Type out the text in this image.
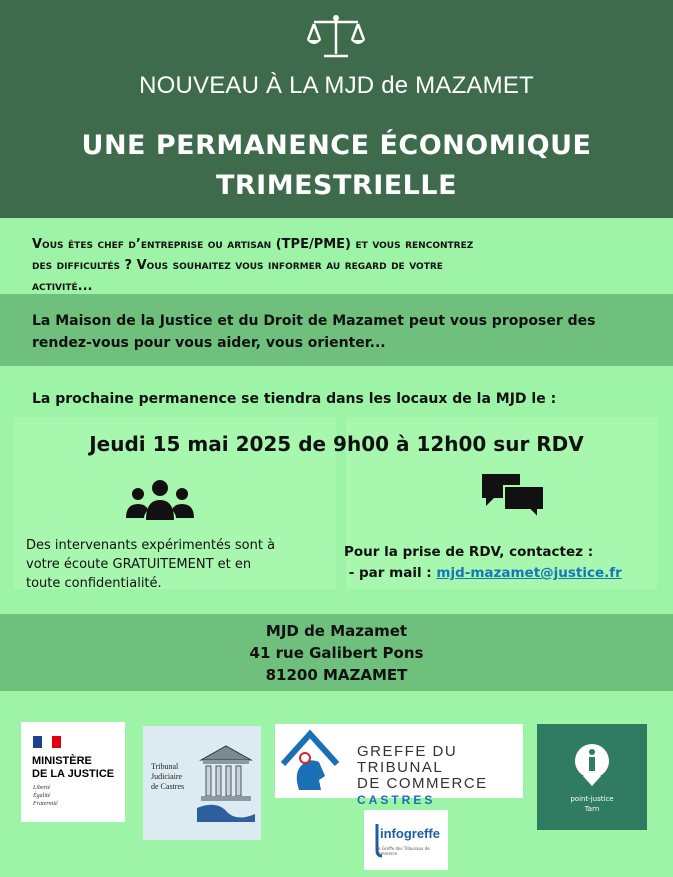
NOUVEAU À LA MJD de MAZAMET
UNE PERMANENCE ÉCONOMIQUE
TRIMESTRIELLE

Vous êtes chef d’entreprise ou artisan (TPE/PME) et vous rencontrez

des difficultés ? Vous souhaitez vous informer au regard de votre

activité...

La Maison de la Justice et du Droit de Mazamet peut vous proposer des

rendez-vous pour vous aider, vous orienter...

La prochaine permanence se tiendra dans les locaux de la MJD le :
Jeudi 15 mai 2025 de 9h00 à 12h00 sur RDV
Des intervenants expérimentés sont à
votre écoute GRATUITEMENT et en
toute confidentialité.
Pour la prise de RDV, contactez :
- par mail : mjd-mazamet@justice.fr
MJD de Mazamet
41 rue Galibert Pons
81200 MAZAMET
MINISTÈRE
DE LA JUSTICE
Liberté
Égalité
Fraternité
Tribunal
Judiciaire
de Castres
GREFFE DU TRIBUNAL
DE COMMERCE
CASTRES
infogreffe
Le Greffe des Tribunaux de commerce
point-justice
Tarn
